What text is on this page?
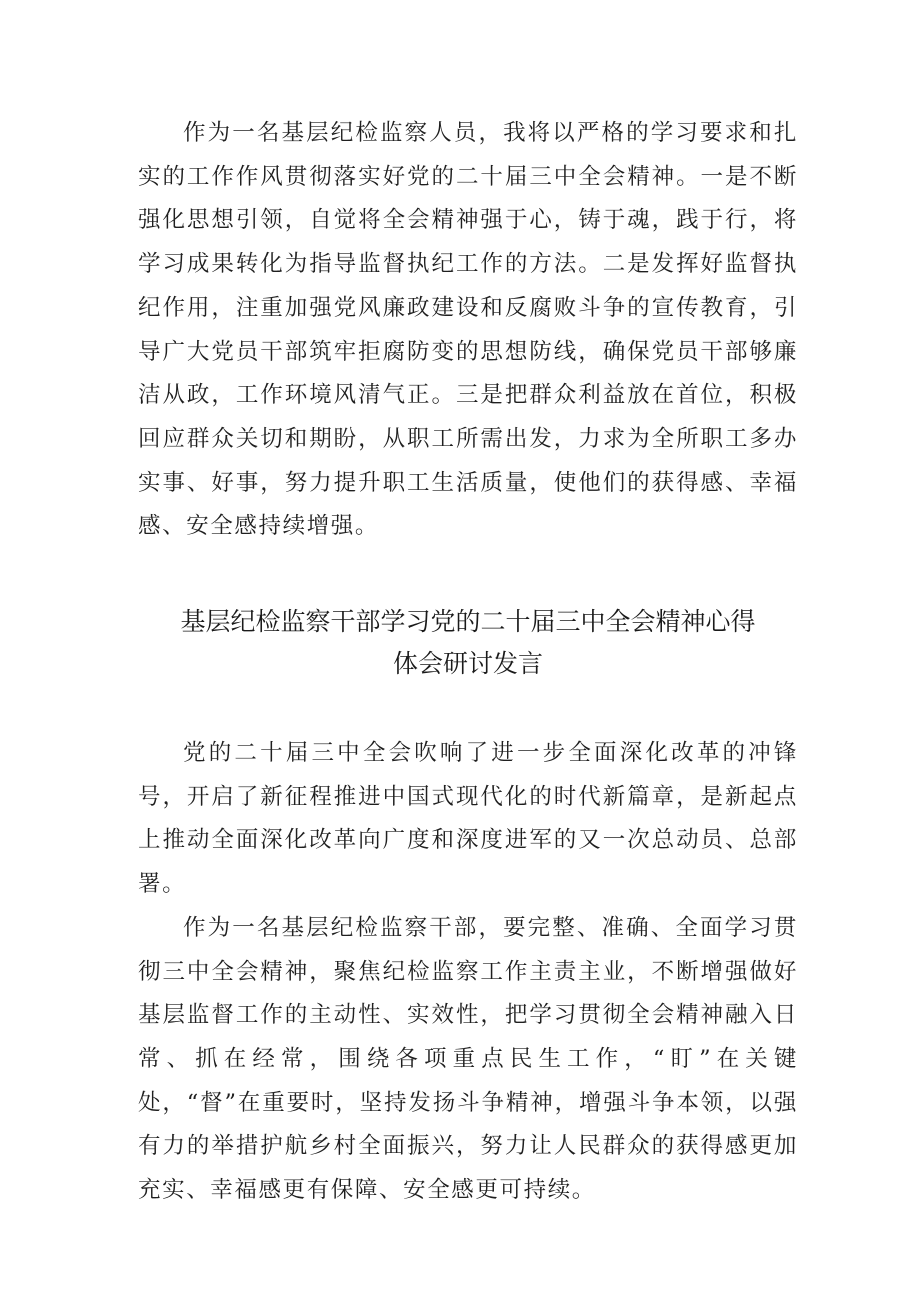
作为一名基层纪检监察人员，我将以严格的学习要求和扎实的工作作风贯彻落实好党的二十届三中全会精神。一是不断强化思想引领，自觉将全会精神强于心，铸于魂，践于行，将学习成果转化为指导监督执纪工作的方法。二是发挥好监督执纪作用，注重加强党风廉政建设和反腐败斗争的宣传教育，引导广大党员干部筑牢拒腐防变的思想防线，确保党员干部够廉洁从政，工作环境风清气正。三是把群众利益放在首位，积极回应群众关切和期盼，从职工所需出发，力求为全所职工多办实事、好事，努力提升职工生活质量，使他们的获得感、幸福感、安全感持续增强。

基层纪检监察干部学习党的二十届三中全会精神心得
体会研讨发言

党的二十届三中全会吹响了进一步全面深化改革的冲锋号，开启了新征程推进中国式现代化的时代新篇章，是新起点上推动全面深化改革向广度和深度进军的又一次总动员、总部署。

作为一名基层纪检监察干部，要完整、准确、全面学习贯彻三中全会精神，聚焦纪检监察工作主责主业，不断增强做好基层监督工作的主动性、实效性，把学习贯彻全会精神融入日常、抓在经常，围绕各项重点民生工作，“盯”在关键处，“督”在重要时，坚持发扬斗争精神，增强斗争本领，以强有力的举措护航乡村全面振兴，努力让人民群众的获得感更加充实、幸福感更有保障、安全感更可持续。
